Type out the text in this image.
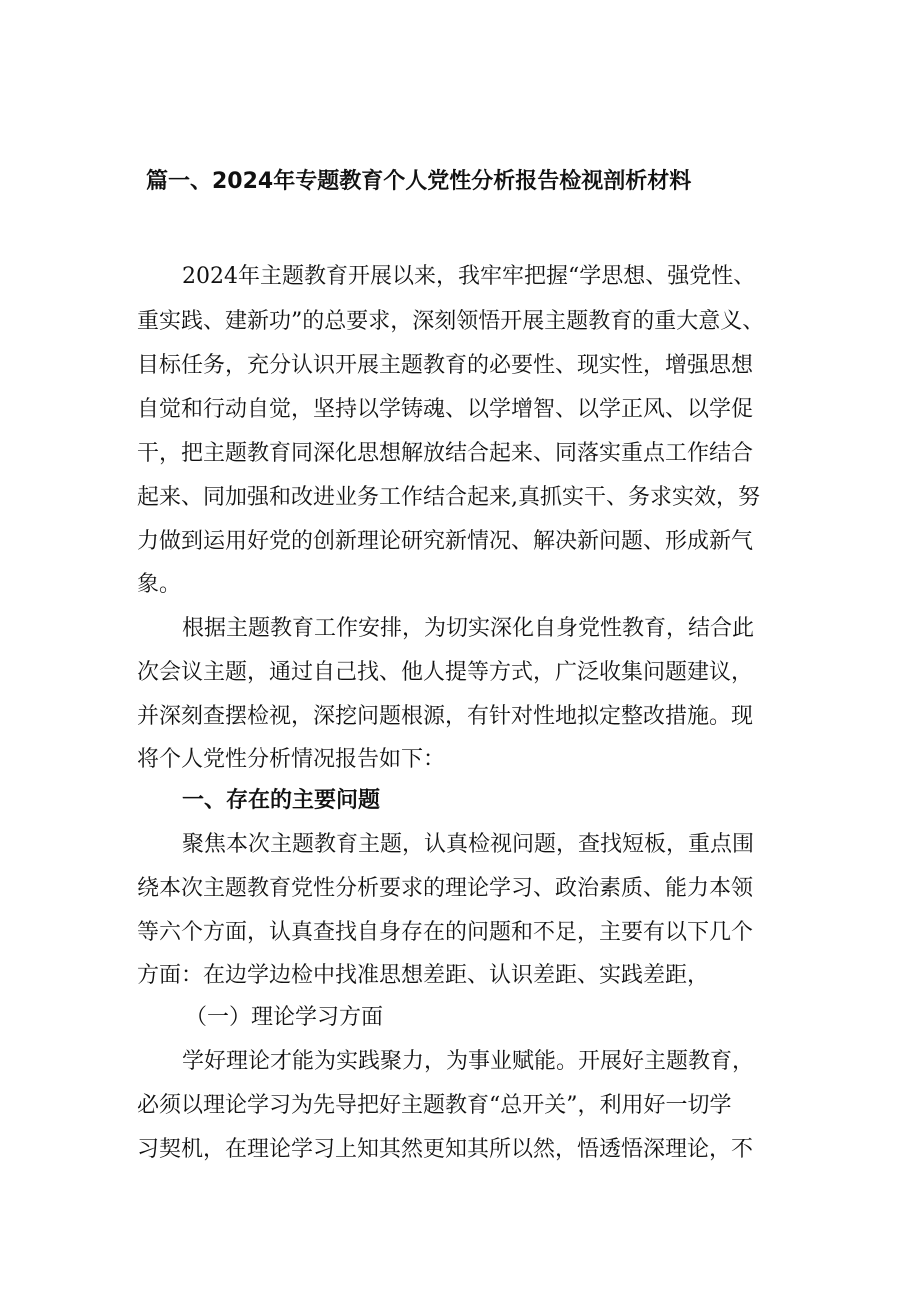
篇一、2024年专题教育个人党性分析报告检视剖析材料

2024年主题教育开展以来，我牢牢把握“学思想、强党性、

重实践、建新功”的总要求，深刻领悟开展主题教育的重大意义、

目标任务，充分认识开展主题教育的必要性、现实性，增强思想

自觉和行动自觉，坚持以学铸魂、以学增智、以学正风、以学促

干，把主题教育同深化思想解放结合起来、同落实重点工作结合

起来、同加强和改进业务工作结合起来,真抓实干、务求实效，努

力做到运用好党的创新理论研究新情况、解决新问题、形成新气

象。

根据主题教育工作安排，为切实深化自身党性教育，结合此

次会议主题，通过自己找、他人提等方式，广泛收集问题建议，

并深刻查摆检视，深挖问题根源，有针对性地拟定整改措施。现

将个人党性分析情况报告如下：

一、存在的主要问题

聚焦本次主题教育主题，认真检视问题，查找短板，重点围

绕本次主题教育党性分析要求的理论学习、政治素质、能力本领

等六个方面，认真查找自身存在的问题和不足，主要有以下几个

方面：在边学边检中找准思想差距、认识差距、实践差距，

（一）理论学习方面

学好理论才能为实践聚力，为事业赋能。开展好主题教育，

必须以理论学习为先导把好主题教育“总开关”，利用好一切学

习契机，在理论学习上知其然更知其所以然，悟透悟深理论，不
